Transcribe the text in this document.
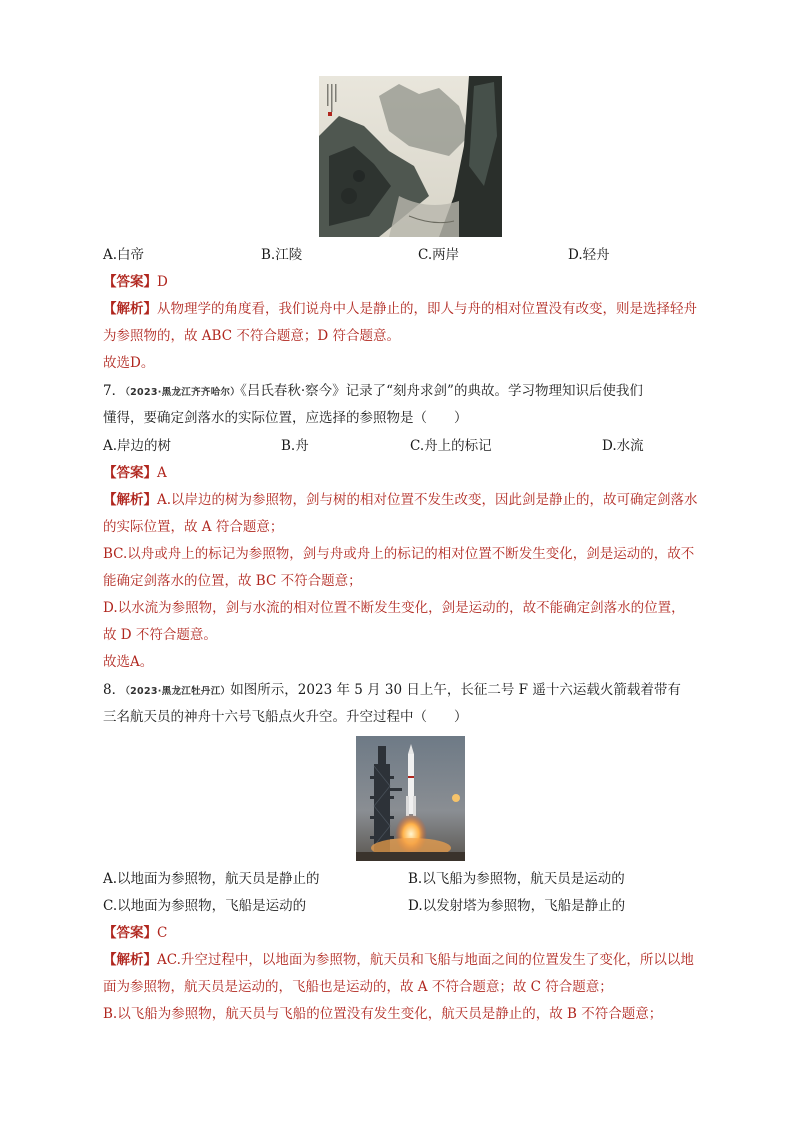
A.白帝	B.江陵	C.两岸	D.轻舟
【答案】D
【解析】从物理学的角度看，我们说舟中人是静止的，即人与舟的相对位置没有改变，则是选择轻舟
为参照物的，故 ABC 不符合题意；D 符合题意。
故选D。
7．（2023·黑龙江齐齐哈尔）《吕氏春秋·察今》记录了“刻舟求剑”的典故。学习物理知识后使我们
懂得，要确定剑落水的实际位置，应选择的参照物是（　　）
A.岸边的树	B.舟	C.舟上的标记	D.水流
【答案】A
【解析】A.以岸边的树为参照物，剑与树的相对位置不发生改变，因此剑是静止的，故可确定剑落水
的实际位置，故 A 符合题意；
BC.以舟或舟上的标记为参照物，剑与舟或舟上的标记的相对位置不断发生变化，剑是运动的，故不
能确定剑落水的位置，故 BC 不符合题意；
D.以水流为参照物，剑与水流的相对位置不断发生变化，剑是运动的，故不能确定剑落水的位置，
故 D 不符合题意。
故选A。
8．（2023·黑龙江牡丹江）如图所示，2023 年 5 月 30 日上午，长征二号 F 遥十六运载火箭载着带有
三名航天员的神舟十六号飞船点火升空。升空过程中（　　）
A.以地面为参照物，航天员是静止的	B.以飞船为参照物，航天员是运动的
C.以地面为参照物，飞船是运动的	D.以发射塔为参照物，飞船是静止的
【答案】C
【解析】AC.升空过程中，以地面为参照物，航天员和飞船与地面之间的位置发生了变化，所以以地
面为参照物，航天员是运动的，飞船也是运动的，故 A 不符合题意；故 C 符合题意；
B.以飞船为参照物，航天员与飞船的位置没有发生变化，航天员是静止的，故 B 不符合题意；
